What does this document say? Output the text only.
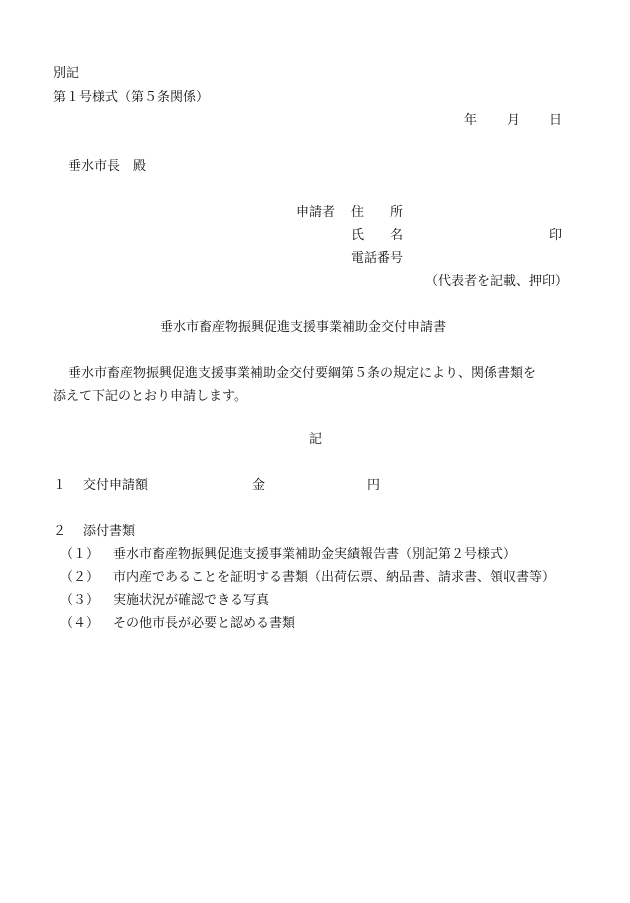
別記
第１号様式（第５条関係）
年 月 日
垂水市長　殿
申請者 住　　所
氏　　名	印
電話番号
（代表者を記載、押印）
垂水市畜産物振興促進支援事業補助金交付申請書
垂水市畜産物振興促進支援事業補助金交付要綱第５条の規定により、関係書類を
添えて下記のとおり申請します。
記
１ 交付申請額	金	円
２ 添付書類
（１） 垂水市畜産物振興促進支援事業補助金実績報告書（別記第２号様式）
（２） 市内産であることを証明する書類（出荷伝票、納品書、請求書、領収書等）
（３） 実施状況が確認できる写真
（４） その他市長が必要と認める書類
